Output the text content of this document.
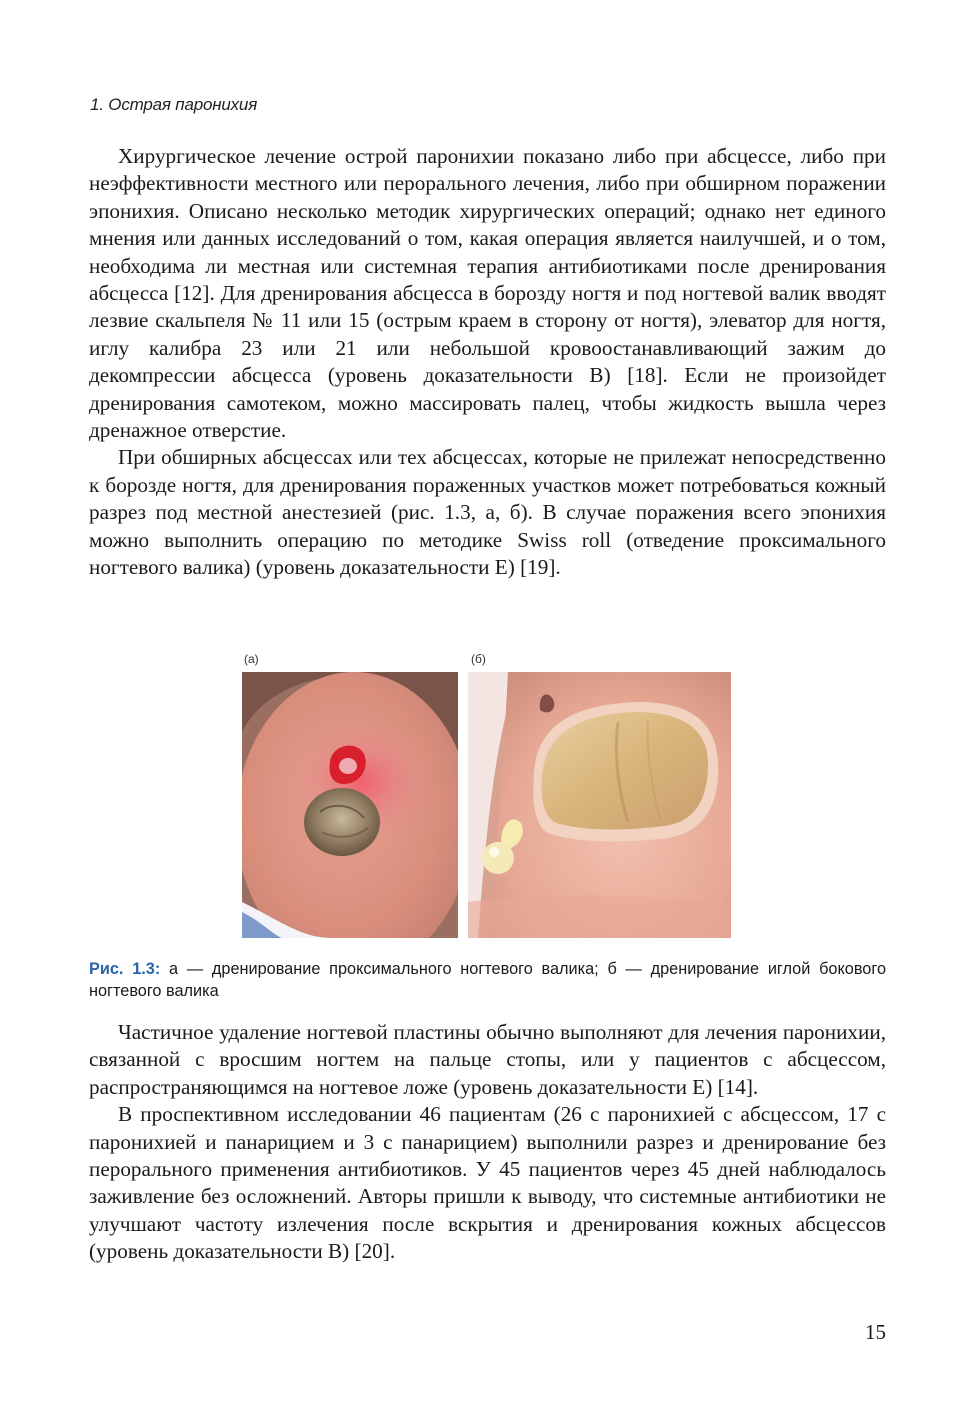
1. Острая паронихия

Хирургическое лечение острой паронихии показано либо при абсцессе, либо при неэффективности местного или перорального лечения, либо при обширном поражении эпонихия. Описано несколько методик хирургических операций; однако нет единого мнения или данных исследований о том, какая операция является наилучшей, и о том, необходима ли местная или системная терапия антибиотиками после дренирования абсцесса [12]. Для дренирования абсцесса в борозду ногтя и под ногтевой валик вводят лезвие скальпеля № 11 или 15 (острым краем в сторону от ногтя), элеватор для ногтя, иглу калибра 23 или 21 или небольшой кровоостанавливающий зажим до декомпрессии абсцесса (уровень доказательности B) [18]. Если не произойдет дренирования самотеком, можно массировать палец, чтобы жидкость вышла через дренажное отверстие.

При обширных абсцессах или тех абсцессах, которые не прилежат непосредственно к борозде ногтя, для дренирования пораженных участков может потребоваться кожный разрез под местной анестезией (рис. 1.3, а, б). В случае поражения всего эпонихия можно выполнить операцию по методике Swiss roll (отведение проксимального ногтевого валика) (уровень доказательности E) [19].

(а)	(б)
Рис. 1.3: а — дренирование проксимального ногтевого валика; б — дренирование иглой бокового ногтевого валика

Частичное удаление ногтевой пластины обычно выполняют для лечения паронихии, связанной с вросшим ногтем на пальце стопы, или у пациентов с абсцессом, распространяющимся на ногтевое ложе (уровень доказательности E) [14].

В проспективном исследовании 46 пациентам (26 с паронихией с абсцессом, 17 с паронихией и панарицием и 3 с панарицием) выполнили разрез и дренирование без перорального применения антибиотиков. У 45 пациентов через 45 дней наблюдалось заживление без осложнений. Авторы пришли к выводу, что системные антибиотики не улучшают частоту излечения после вскрытия и дренирования кожных абсцессов (уровень доказательности B) [20].

15
